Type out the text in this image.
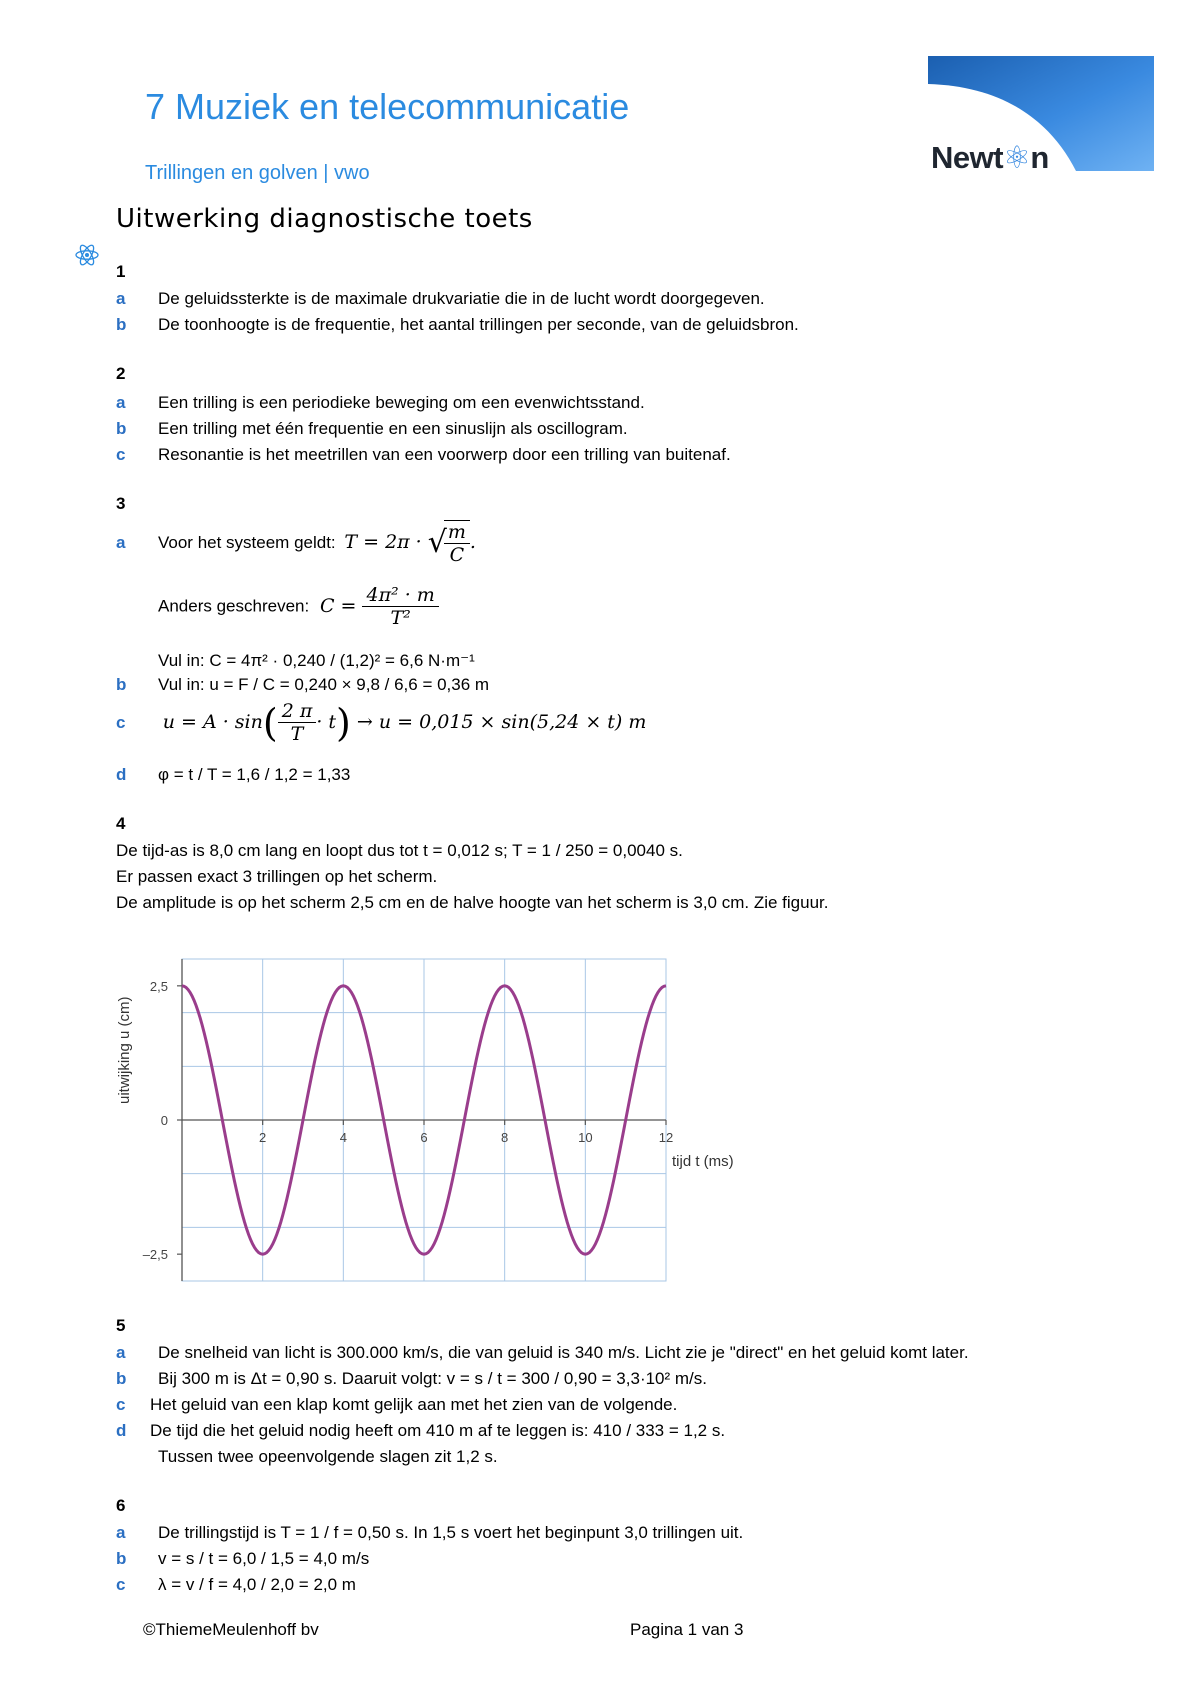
7 Muziek en telecommunicatie
Trillingen en golven | vwo	Newt⚛n
Uitwerking diagnostische toets
1
a De geluidssterkte is de maximale drukvariatie die in de lucht wordt doorgegeven.
b De toonhoogte is de frequentie, het aantal trillingen per seconde, van de geluidsbron.
2
a Een trilling is een periodieke beweging om een evenwichtsstand.
b Een trilling met één frequentie en een sinuslijn als oscillogram.
c Resonantie is het meetrillen van een voorwerp door een trilling van buitenaf.
3
a Voor het systeem geldt: T = 2π · √
$\frac{m}{C}$ .
Anders geschreven: $C = \frac{\text{4π² · m}}{\text{T²}}$
Vul in: C = 4π² · 0,240 / (1,2)² = 6,6 N·m⁻¹
b Vul in: u = F / C = 0,240 × 9,8 / 6,6 = 0,36 m
c $u = A \cdot \sin( \frac{2 \pi}{T} \cdot t) \to u = 0,015 \times \sin(5,24 \times t)$ m
d φ = t / T = 1,6 / 1,2 = 1,33
4
De tijd-as is 8,0 cm lang en loopt dus tot t = 0,012 s; T = 1 / 250 = 0,0040 s.
Er passen exact 3 trillingen op het scherm.
De amplitude is op het scherm 2,5 cm en de halve hoogte van het scherm is 3,0 cm. Zie figuur.
2	4	6	8	10	12
2,5
0
–2,5
tijd t (ms)
uitwijking u (cm)
5
a De snelheid van licht is 300.000 km/s, die van geluid is 340 m/s. Licht zie je "direct" en het geluid komt later.
b Bij 300 m is Δt = 0,90 s. Daaruit volgt: v = s / t = 300 / 0,90 = 3,3·10² m/s.
c Het geluid van een klap komt gelijk aan met het zien van de volgende.
d De tijd die het geluid nodig heeft om 410 m af te leggen is: 410 / 333 = 1,2 s.
Tussen twee opeenvolgende slagen zit 1,2 s.
6
a De trillingstijd is T = 1 / f = 0,50 s. In 1,5 s voert het beginpunt 3,0 trillingen uit.
b v = s / t = 6,0 / 1,5 = 4,0 m/s
c λ = v / f = 4,0 / 2,0 = 2,0 m
©ThiemeMeulenhoff bv	Pagina 1 van 3
